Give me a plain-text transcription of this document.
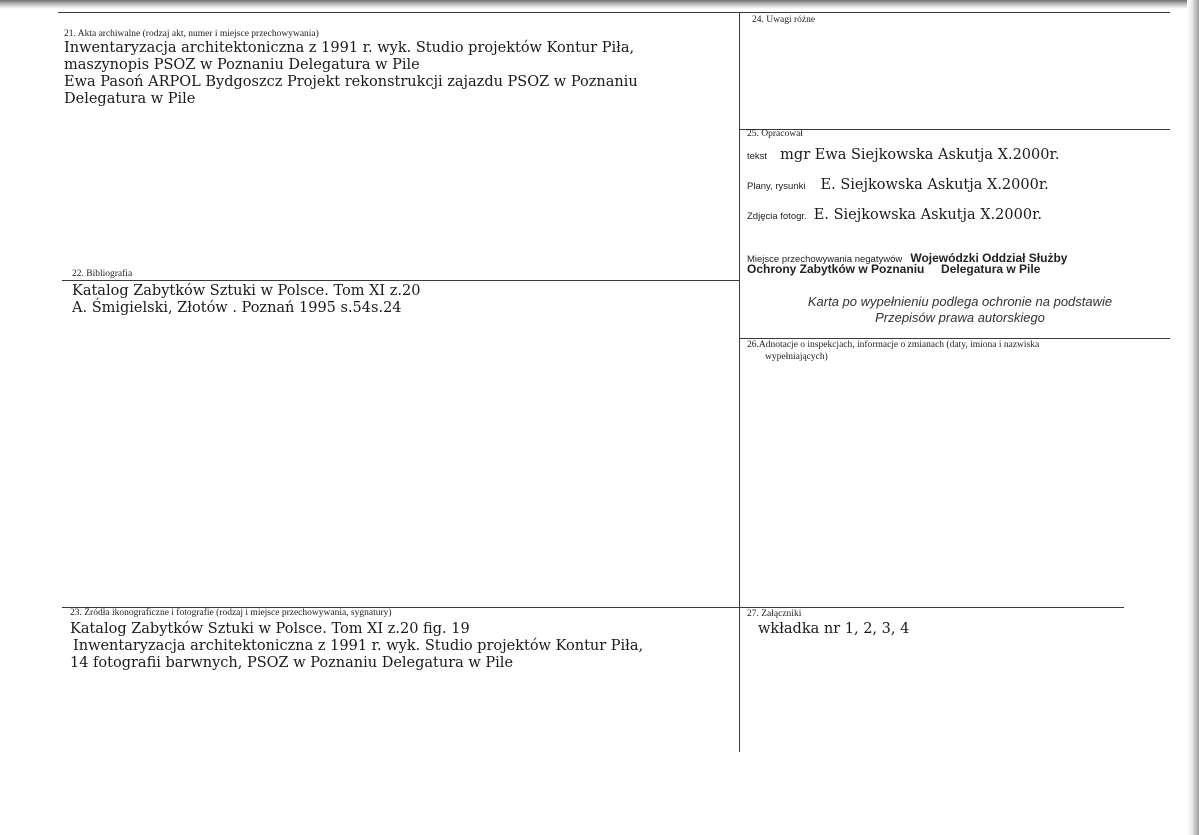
21. Akta archiwalne (rodzaj akt, numer i miejsce przechowywania)
Inwentaryzacja architektoniczna z 1991 r. wyk. Studio projektów Kontur Piła,
maszynopis PSOZ w Poznaniu Delegatura w Pile
Ewa Pasoń ARPOL Bydgoszcz Projekt rekonstrukcji zajazdu PSOZ w Poznaniu
Delegatura w Pile
22. Bibliografia
Katalog Zabytków Sztuki w Polsce. Tom XI z.20
A. Śmigielski, Złotów . Poznań 1995 s.54s.24
23. Źródła ikonograficzne i fotografie (rodzaj i miejsce przechowywania, sygnatury)
Katalog Zabytków Sztuki w Polsce. Tom XI z.20 fig. 19
Inwentaryzacja architektoniczna z 1991 r. wyk. Studio projektów Kontur Piła,
14 fotografii barwnych, PSOZ w Poznaniu Delegatura w Pile
24. Uwagi różne
25. Opracował
tekst mgr Ewa Siejkowska Askutja X.2000r.
Plany, rysunki E. Siejkowska Askutja X.2000r.
Zdjęcia fotogr. E. Siejkowska Askutja X.2000r.
Miejsce przechowywania negatywów Wojewódzki Oddział Służby
Ochrony Zabytków w Poznaniu     Delegatura w Pile
Karta po wypełnieniu podlega ochronie na podstawie
Przepisów prawa autorskiego
26.Adnotacje o inspekcjach, informacje o zmianach (daty, imiona i nazwiska
wypełniających)
27. Załączniki
wkładka nr 1, 2, 3, 4
